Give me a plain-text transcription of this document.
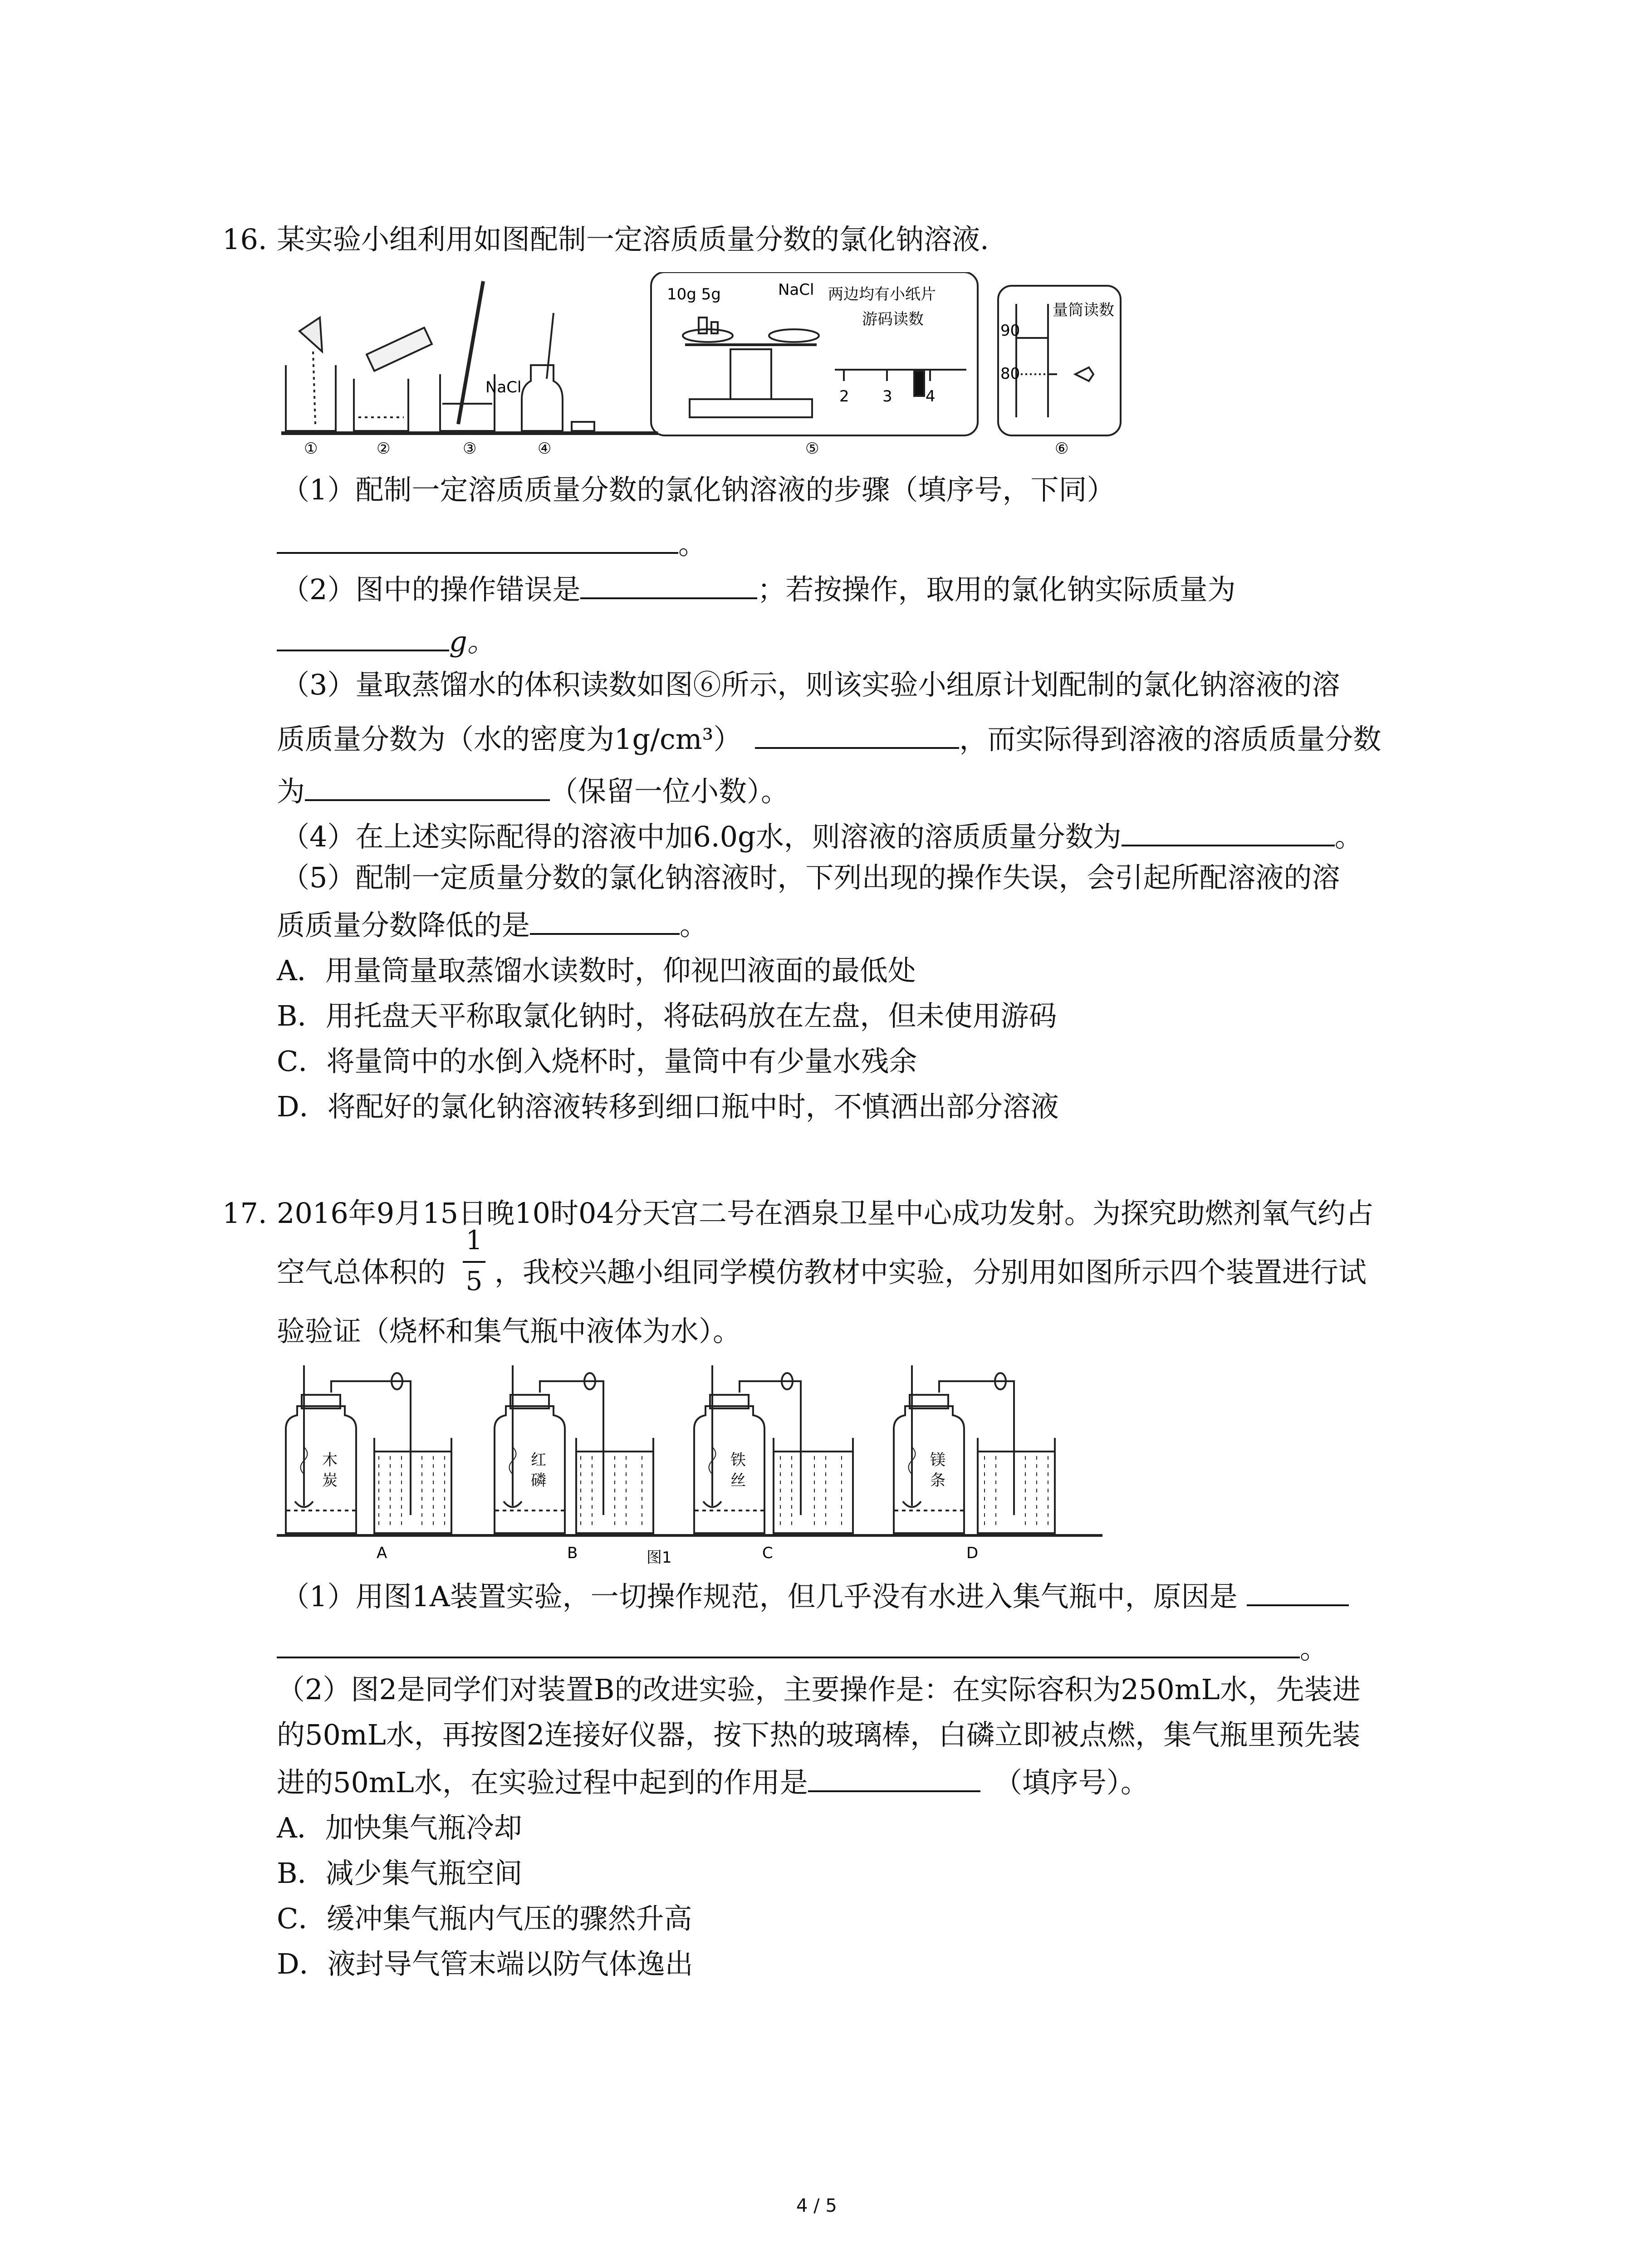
16. 某实验小组利用如图配制一定溶质质量分数的氯化钠溶液.
NaCl
10g 5g	NaCl 两边均有小纸片
游码读数
2 3 4
量筒读数
90
80
①	②	③	④	⑤	⑥
（1）配制一定溶质质量分数的氯化钠溶液的步骤（填序号，下同）
。
（2）图中的操作错误是	；若按操作，取用的氯化钠实际质量为
g。
（3）量取蒸馏水的体积读数如图⑥所示，则该实验小组原计划配制的氯化钠溶液的溶
质质量分数为（水的密度为1g/cm³）	，而实际得到溶液的溶质质量分数
为	（保留一位小数）。
（4）在上述实际配得的溶液中加6.0g水，则溶液的溶质质量分数为	。
（5）配制一定质量分数的氯化钠溶液时，下列出现的操作失误，会引起所配溶液的溶
质质量分数降低的是	。
A．用量筒量取蒸馏水读数时，仰视凹液面的最低处
B．用托盘天平称取氯化钠时，将砝码放在左盘，但未使用游码
C．将量筒中的水倒入烧杯时，量筒中有少量水残余
D．将配好的氯化钠溶液转移到细口瓶中时，不慎洒出部分溶液
17. 2016年9月15日晚10时04分天宫二号在酒泉卫星中心成功发射。为探究助燃剂氧气约占
空气总体积的
1
5 ，我校兴趣小组同学模仿教材中实验，分别用如图所示四个装置进行试
验验证（烧杯和集气瓶中液体为水）。
木
炭
红
磷
铁
丝
镁
条
A	B	C	D
图1
（1）用图1A装置实验，一切操作规范，但几乎没有水进入集气瓶中，原因是
。
（2）图2是同学们对装置B的改进实验，主要操作是：在实际容积为250mL水，先装进
的50mL水，再按图2连接好仪器，按下热的玻璃棒，白磷立即被点燃，集气瓶里预先装
进的50mL水，在实验过程中起到的作用是	（填序号）。
A．加快集气瓶冷却
B．减少集气瓶空间
C．缓冲集气瓶内气压的骤然升高
D．液封导气管末端以防气体逸出
4 / 5
